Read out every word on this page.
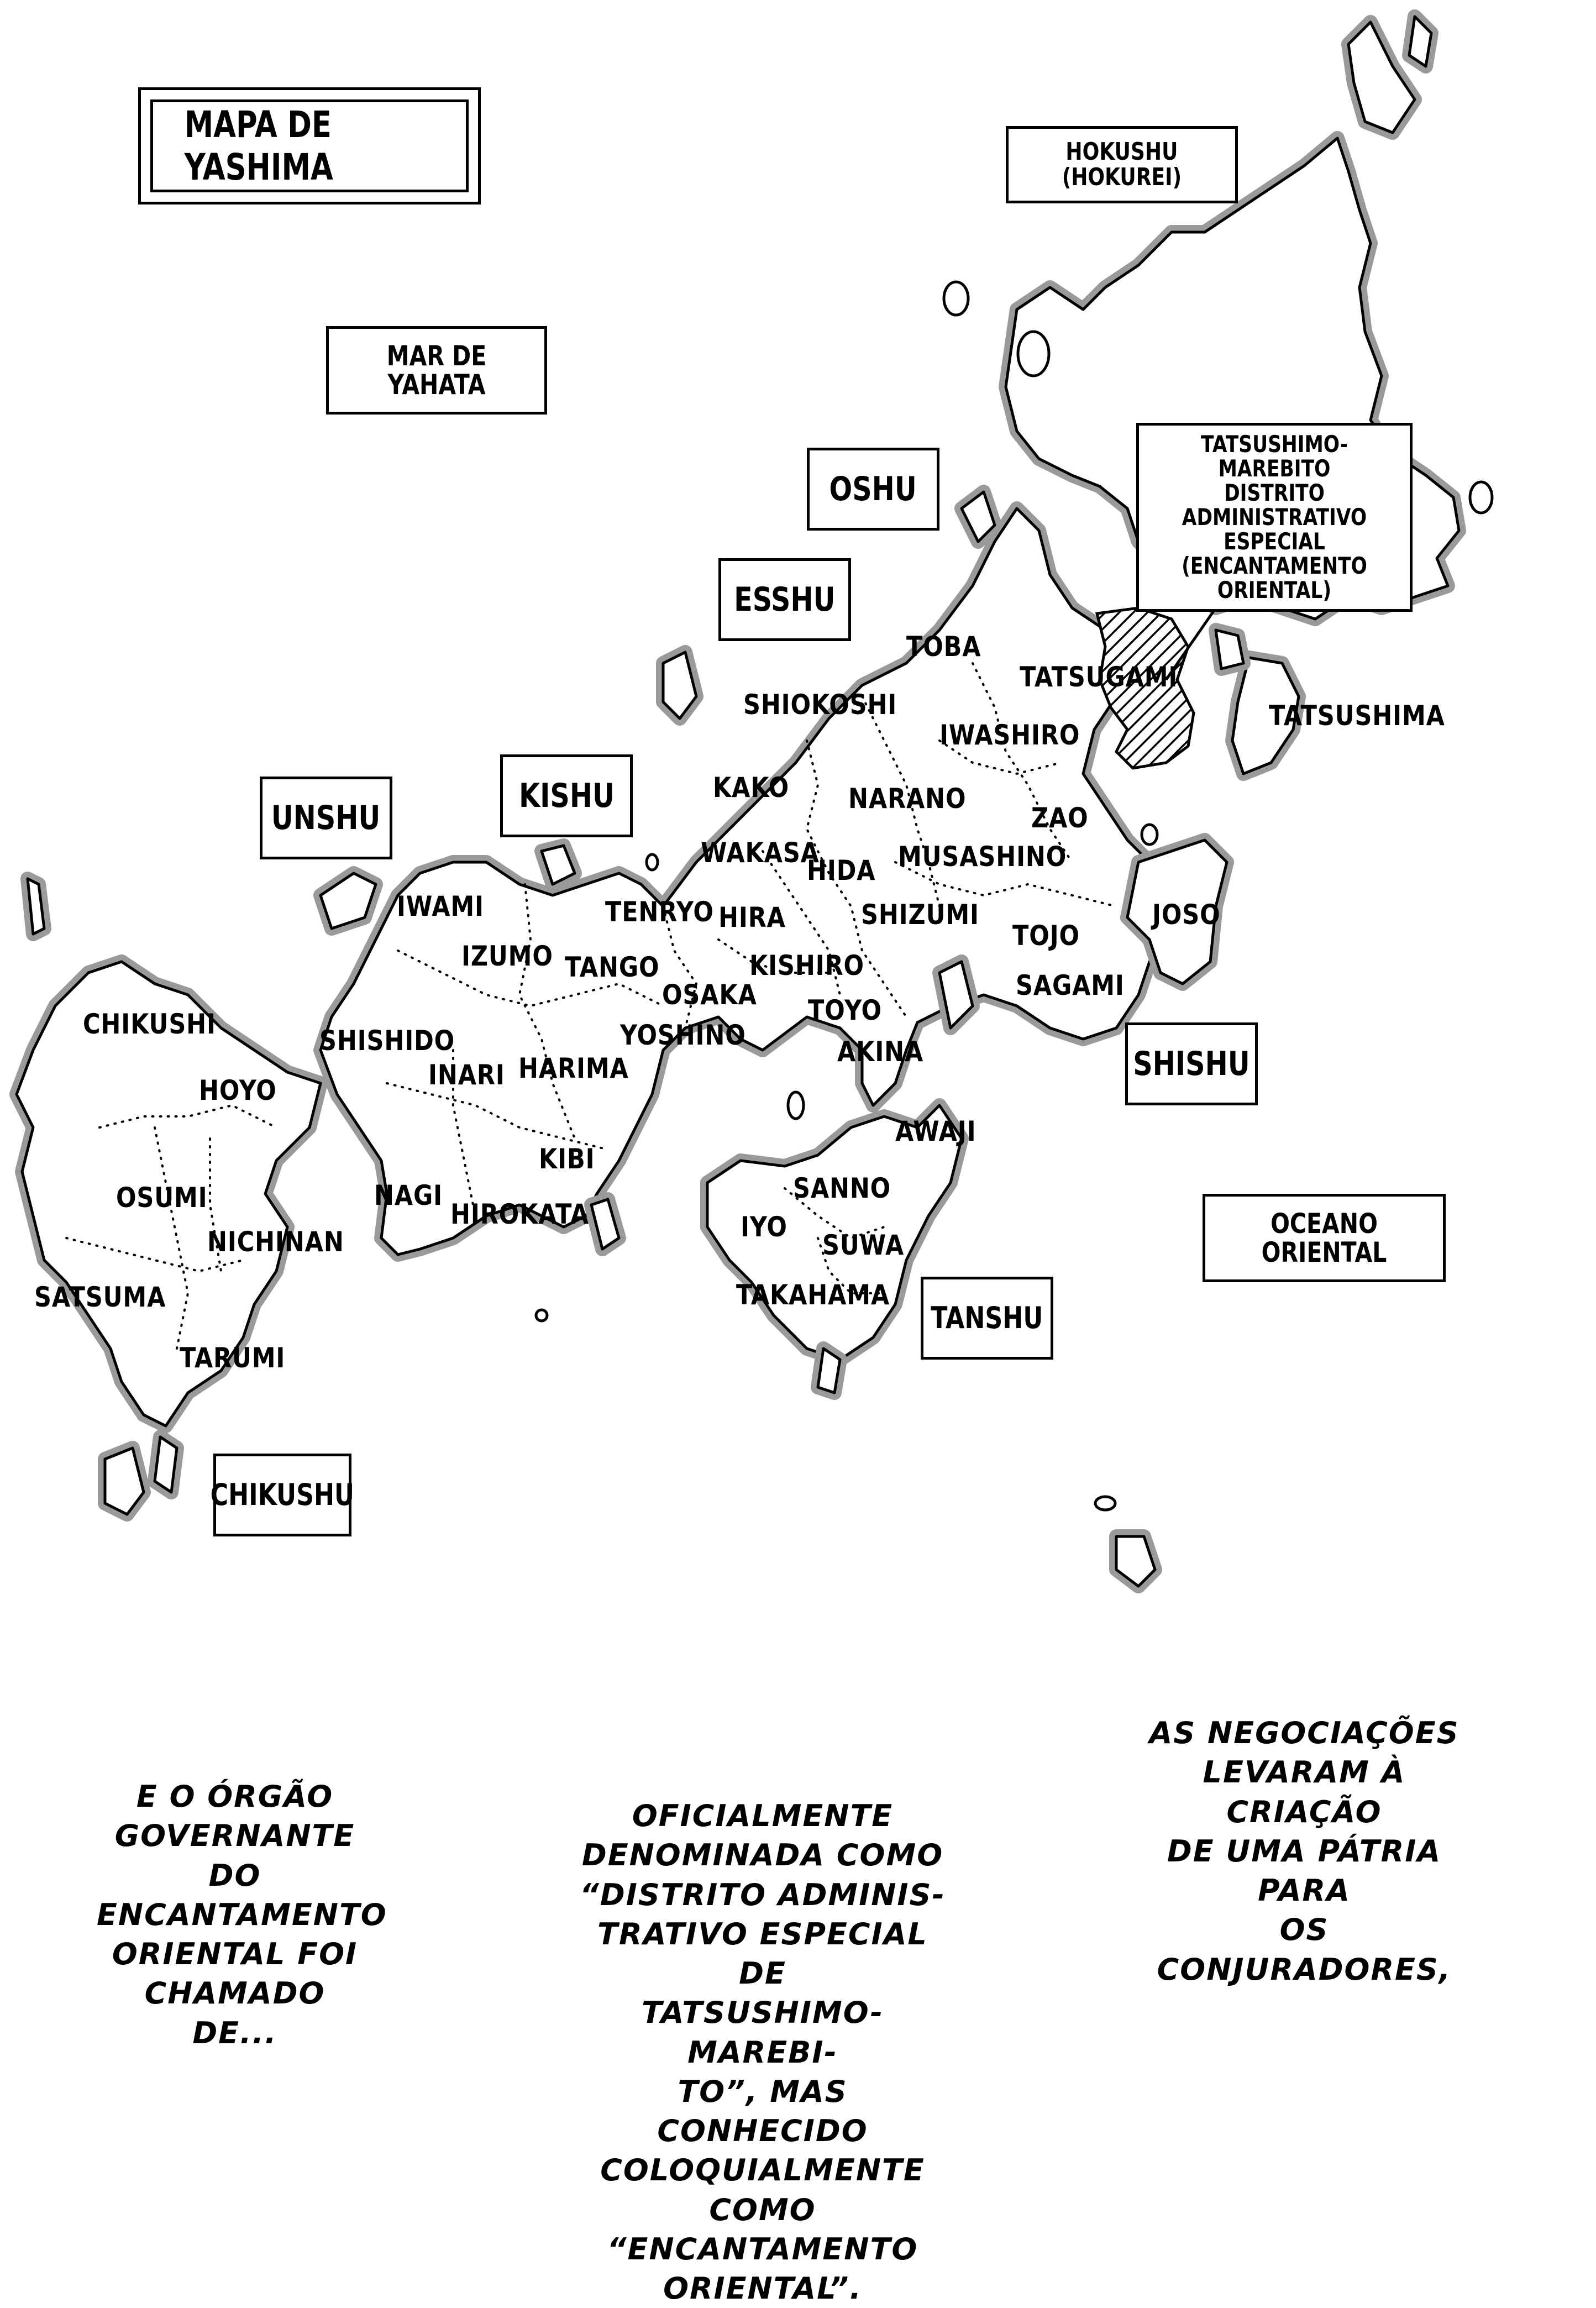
MAPA DE YASHIMA	HOKUSHU
(HOKUREI)
MAR DE YAHATA
OSHU
ESSHU
KISHU
UNSHU
SHISHU
OCEANO ORIENTAL
TANSHU
CHIKUSHU
TATSUSHIMO-MAREBITO
DISTRITO ADMINISTRATIVO
ESPECIAL (ENCANTAMENTO
ORIENTAL)
TOBA
TATSUGAMI
TATSUSHIMA
SHIOKOSHI
IWASHIRO
KAKO NARANO
ZAO
WAKASA
HIDA MUSASHINO
JOSO
TENRYO HIRA	SHIZUMI
TOJO
IWAMI
IZUMO TANGO	KISHIRO
SAGAMI
OSAKA TOYO
CHIKUSHI
SHISHIDO	YOSHINO
AKINA
HOYO	INARI HARIMA
KIBI
AWAJI
OSUMI	NAGI
HIROKATA
SANNO
IYO
NICHINAN	SUWA
SATSUMA	TAKAHAMA
TARUMI
E O ÓRGÃO
GOVERNANTE DO
ENCANTAMENTO
ORIENTAL FOI
CHAMADO DE...
OFICIALMENTE
DENOMINADA COMO
“DISTRITO ADMINIS-
TRATIVO ESPECIAL DE
TATSUSHIMO-MAREBI-
TO”, MAS CONHECIDO
COLOQUIALMENTE
COMO “ENCANTAMENTO
ORIENTAL”.
AS NEGOCIAÇÕES
LEVARAM À CRIAÇÃO
DE UMA PÁTRIA PARA
OS CONJURADORES,
